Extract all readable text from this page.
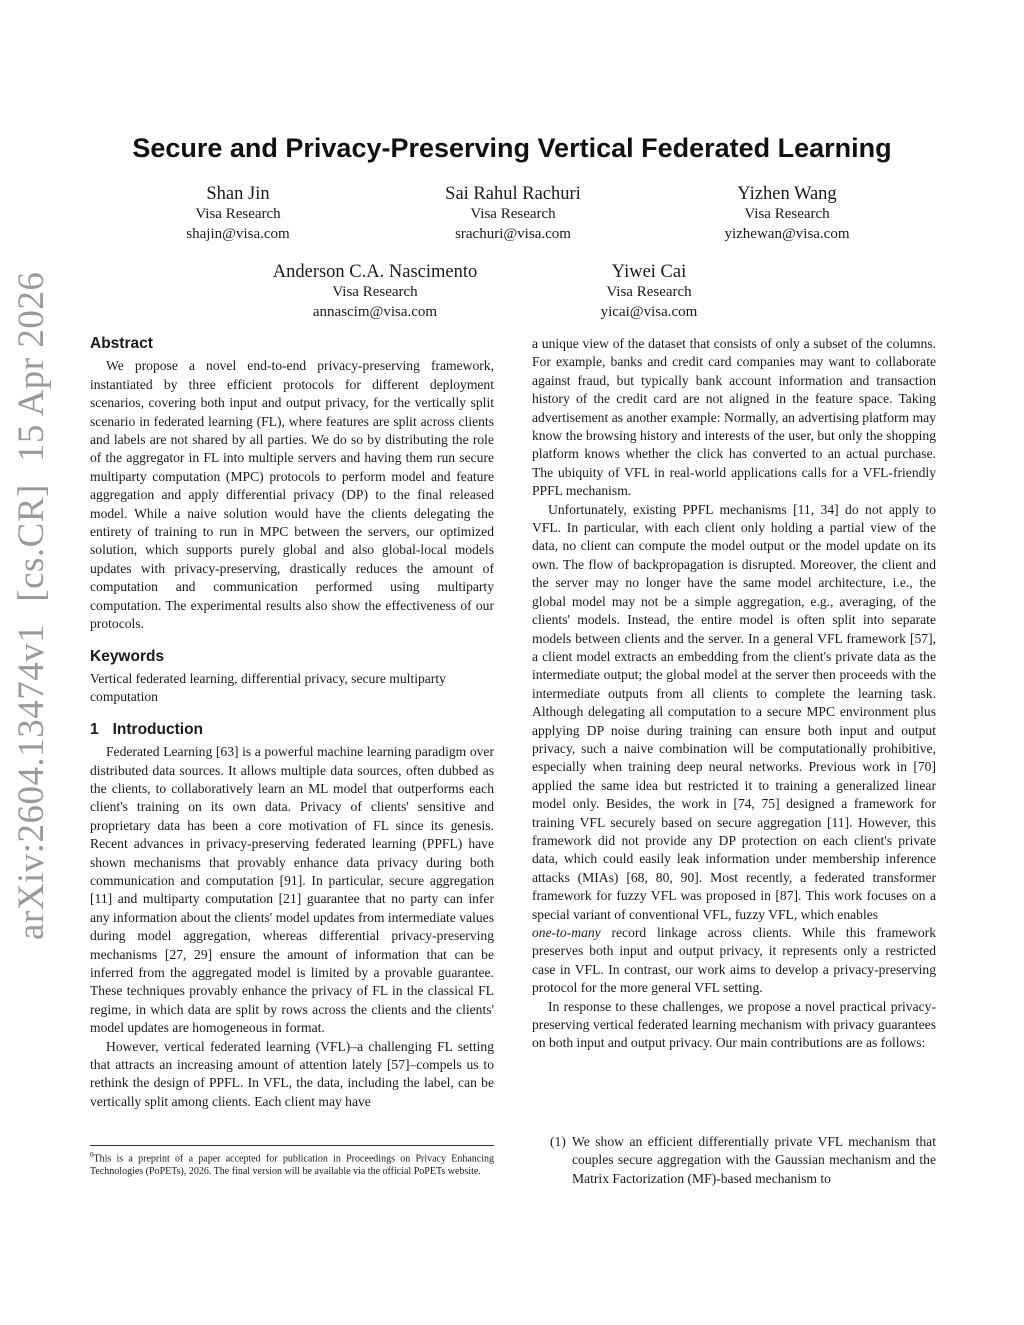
arXiv:2604.13474v1[cs.CR]15 Apr 2026
Secure and Privacy-Preserving Vertical Federated Learning
Shan Jin
Visa Research
shajin@visa.com
Sai Rahul Rachuri
Visa Research
srachuri@visa.com
Yizhen Wang
Visa Research
yizhewan@visa.com
Anderson C.A. Nascimento
Visa Research
annascim@visa.com
Yiwei Cai
Visa Research
yicai@visa.com
Abstract

We propose a novel end-to-end privacy-preserving framework, instantiated by three efficient protocols for different deployment scenarios, covering both input and output privacy, for the vertically split scenario in federated learning (FL), where features are split across clients and labels are not shared by all parties. We do so by distributing the role of the aggregator in FL into multiple servers and having them run secure multiparty computation (MPC) protocols to perform model and feature aggregation and apply differential privacy (DP) to the final released model. While a naive solution would have the clients delegating the entirety of training to run in MPC between the servers, our optimized solution, which supports purely global and also global-local models updates with privacy-preserving, drastically reduces the amount of computation and communication performed using multiparty computation. The experimental results also show the effectiveness of our protocols.

Keywords

Vertical federated learning, differential privacy, secure multiparty computation

1 Introduction

Federated Learning [63] is a powerful machine learning paradigm over distributed data sources. It allows multiple data sources, often dubbed as the clients, to collaboratively learn an ML model that outperforms each client's training on its own data. Privacy of clients' sensitive and proprietary data has been a core motivation of FL since its genesis. Recent advances in privacy-preserving federated learning (PPFL) have shown mechanisms that provably enhance data privacy during both communication and computation [91]. In particular, secure aggregation [11] and multiparty computation [21] guarantee that no party can infer any information about the clients' model updates from intermediate values during model aggregation, whereas differential privacy-preserving mechanisms [27, 29] ensure the amount of information that can be inferred from the aggregated model is limited by a provable guarantee. These techniques provably enhance the privacy of FL in the classical FL regime, in which data are split by rows across the clients and the clients' model updates are homogeneous in format.

However, vertical federated learning (VFL)–a challenging FL setting that attracts an increasing amount of attention lately [57]–compels us to rethink the design of PPFL. In VFL, the data, including the label, can be vertically split among clients. Each client may have

$^0$This is a preprint of a paper accepted for publication in Proceedings on Privacy Enhancing Technologies (PoPETs), 2026. The final version will be available via the official PoPETs website.

a unique view of the dataset that consists of only a subset of the columns. For example, banks and credit card companies may want to collaborate against fraud, but typically bank account information and transaction history of the credit card are not aligned in the feature space. Taking advertisement as another example: Normally, an advertising platform may know the browsing history and interests of the user, but only the shopping platform knows whether the click has converted to an actual purchase. The ubiquity of VFL in real-world applications calls for a VFL-friendly PPFL mechanism.

Unfortunately, existing PPFL mechanisms [11, 34] do not apply to VFL. In particular, with each client only holding a partial view of the data, no client can compute the model output or the model update on its own. The flow of backpropagation is disrupted. Moreover, the client and the server may no longer have the same model architecture, i.e., the global model may not be a simple aggregation, e.g., averaging, of the clients' models. Instead, the entire model is often split into separate models between clients and the server. In a general VFL framework [57], a client model extracts an embedding from the client's private data as the intermediate output; the global model at the server then proceeds with the intermediate outputs from all clients to complete the learning task. Although delegating all computation to a secure MPC environment plus applying DP noise during training can ensure both input and output privacy, such a naive combination will be computationally prohibitive, especially when training deep neural networks. Previous work in [70] applied the same idea but restricted it to training a generalized linear model only. Besides, the work in [74, 75] designed a framework for training VFL securely based on secure aggregation [11]. However, this framework did not provide any DP protection on each client's private data, which could easily leak information under membership inference attacks (MIAs) [68, 80, 90]. Most recently, a federated transformer framework for fuzzy VFL was proposed in [87]. This work focuses on a special variant of conventional VFL, fuzzy VFL, which enables

one-to-many record linkage across clients. While this framework preserves both input and output privacy, it represents only a restricted case in VFL. In contrast, our work aims to develop a privacy-preserving protocol for the more general VFL setting.

In response to these challenges, we propose a novel practical privacy-preserving vertical federated learning mechanism with privacy guarantees on both input and output privacy. Our main contributions are as follows:

(1) We show an efficient differentially private VFL mechanism that couples secure aggregation with the Gaussian mechanism and the Matrix Factorization (MF)-based mechanism to
